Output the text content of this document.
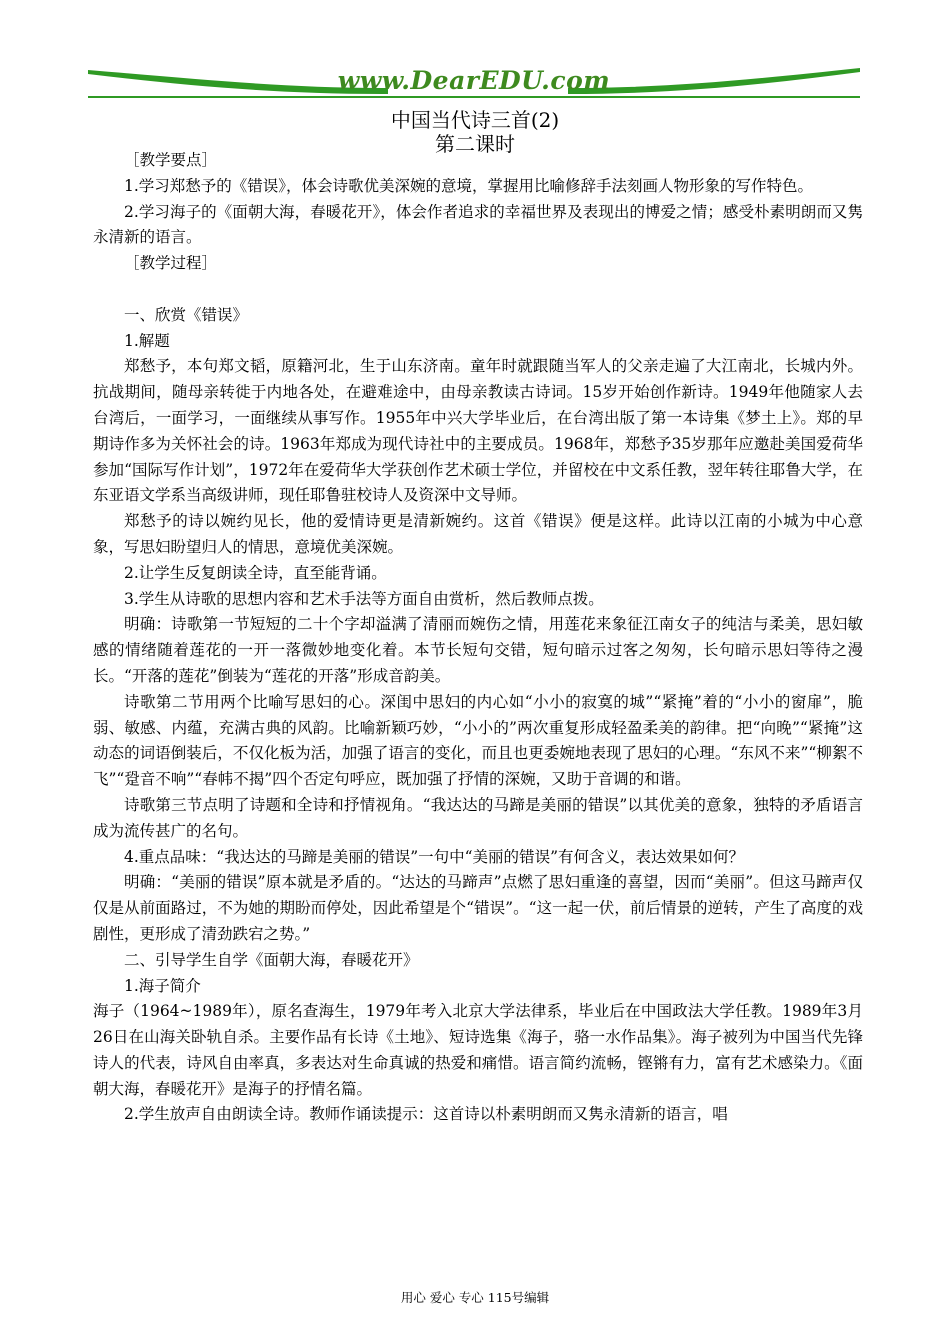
www.DearEDU.com
中国当代诗三首(2)
第二课时

［教学要点］

1.学习郑愁予的《错误》，体会诗歌优美深婉的意境，掌握用比喻修辞手法刻画人物形象的写作特色。

2.学习海子的《面朝大海，春暖花开》，体会作者追求的幸福世界及表现出的博爱之情；感受朴素明朗而又隽永清新的语言。

［教学过程］

一、欣赏《错误》

1.解题

郑愁予，本句郑文韬，原籍河北，生于山东济南。童年时就跟随当军人的父亲走遍了大江南北，长城内外。抗战期间，随母亲转徙于内地各处，在避难途中，由母亲教读古诗词。15岁开始创作新诗。1949年他随家人去台湾后，一面学习，一面继续从事写作。1955年中兴大学毕业后，在台湾出版了第一本诗集《梦土上》。郑的早期诗作多为关怀社会的诗。1963年郑成为现代诗社中的主要成员。1968年，郑愁予35岁那年应邀赴美国爱荷华参加“国际写作计划”，1972年在爱荷华大学获创作艺术硕士学位，并留校在中文系任教，翌年转往耶鲁大学，在东亚语文学系当高级讲师，现任耶鲁驻校诗人及资深中文导师。

郑愁予的诗以婉约见长，他的爱情诗更是清新婉约。这首《错误》便是这样。此诗以江南的小城为中心意象，写思妇盼望归人的情思，意境优美深婉。

2.让学生反复朗读全诗，直至能背诵。

3.学生从诗歌的思想内容和艺术手法等方面自由赏析，然后教师点拨。

明确：诗歌第一节短短的二十个字却溢满了清丽而婉伤之情，用莲花来象征江南女子的纯洁与柔美，思妇敏感的情绪随着莲花的一开一落微妙地变化着。本节长短句交错，短句暗示过客之匆匆，长句暗示思妇等待之漫长。“开落的莲花”倒装为“莲花的开落”形成音韵美。

诗歌第二节用两个比喻写思妇的心。深闺中思妇的内心如“小小的寂寞的城”“紧掩”着的“小小的窗扉”，脆弱、敏感、内蕴，充满古典的风韵。比喻新颖巧妙，“小小的”两次重复形成轻盈柔美的韵律。把“向晚”“紧掩”这动态的词语倒装后，不仅化板为活，加强了语言的变化，而且也更委婉地表现了思妇的心理。“东风不来”“柳絮不飞”“跫音不响”“春帏不揭”四个否定句呼应，既加强了抒情的深婉，又助于音调的和谐。

诗歌第三节点明了诗题和全诗和抒情视角。“我达达的马蹄是美丽的错误”以其优美的意象，独特的矛盾语言成为流传甚广的名句。

4.重点品味：“我达达的马蹄是美丽的错误”一句中“美丽的错误”有何含义，表达效果如何？

明确：“美丽的错误”原本就是矛盾的。“达达的马蹄声”点燃了思妇重逢的喜望，因而“美丽”。但这马蹄声仅仅是从前面路过，不为她的期盼而停处，因此希望是个“错误”。“这一起一伏，前后情景的逆转，产生了高度的戏剧性，更形成了清劲跌宕之势。”

二、引导学生自学《面朝大海，春暖花开》

1.海子简介

海子（1964~1989年），原名查海生，1979年考入北京大学法律系，毕业后在中国政法大学任教。1989年3月26日在山海关卧轨自杀。主要作品有长诗《土地》、短诗选集《海子，骆一水作品集》。海子被列为中国当代先锋诗人的代表，诗风自由率真，多表达对生命真诚的热爱和痛惜。语言简约流畅，铿锵有力，富有艺术感染力。《面朝大海，春暖花开》是海子的抒情名篇。

2.学生放声自由朗读全诗。教师作诵读提示：这首诗以朴素明朗而又隽永清新的语言，唱

用心 爱心 专心 115号编辑
